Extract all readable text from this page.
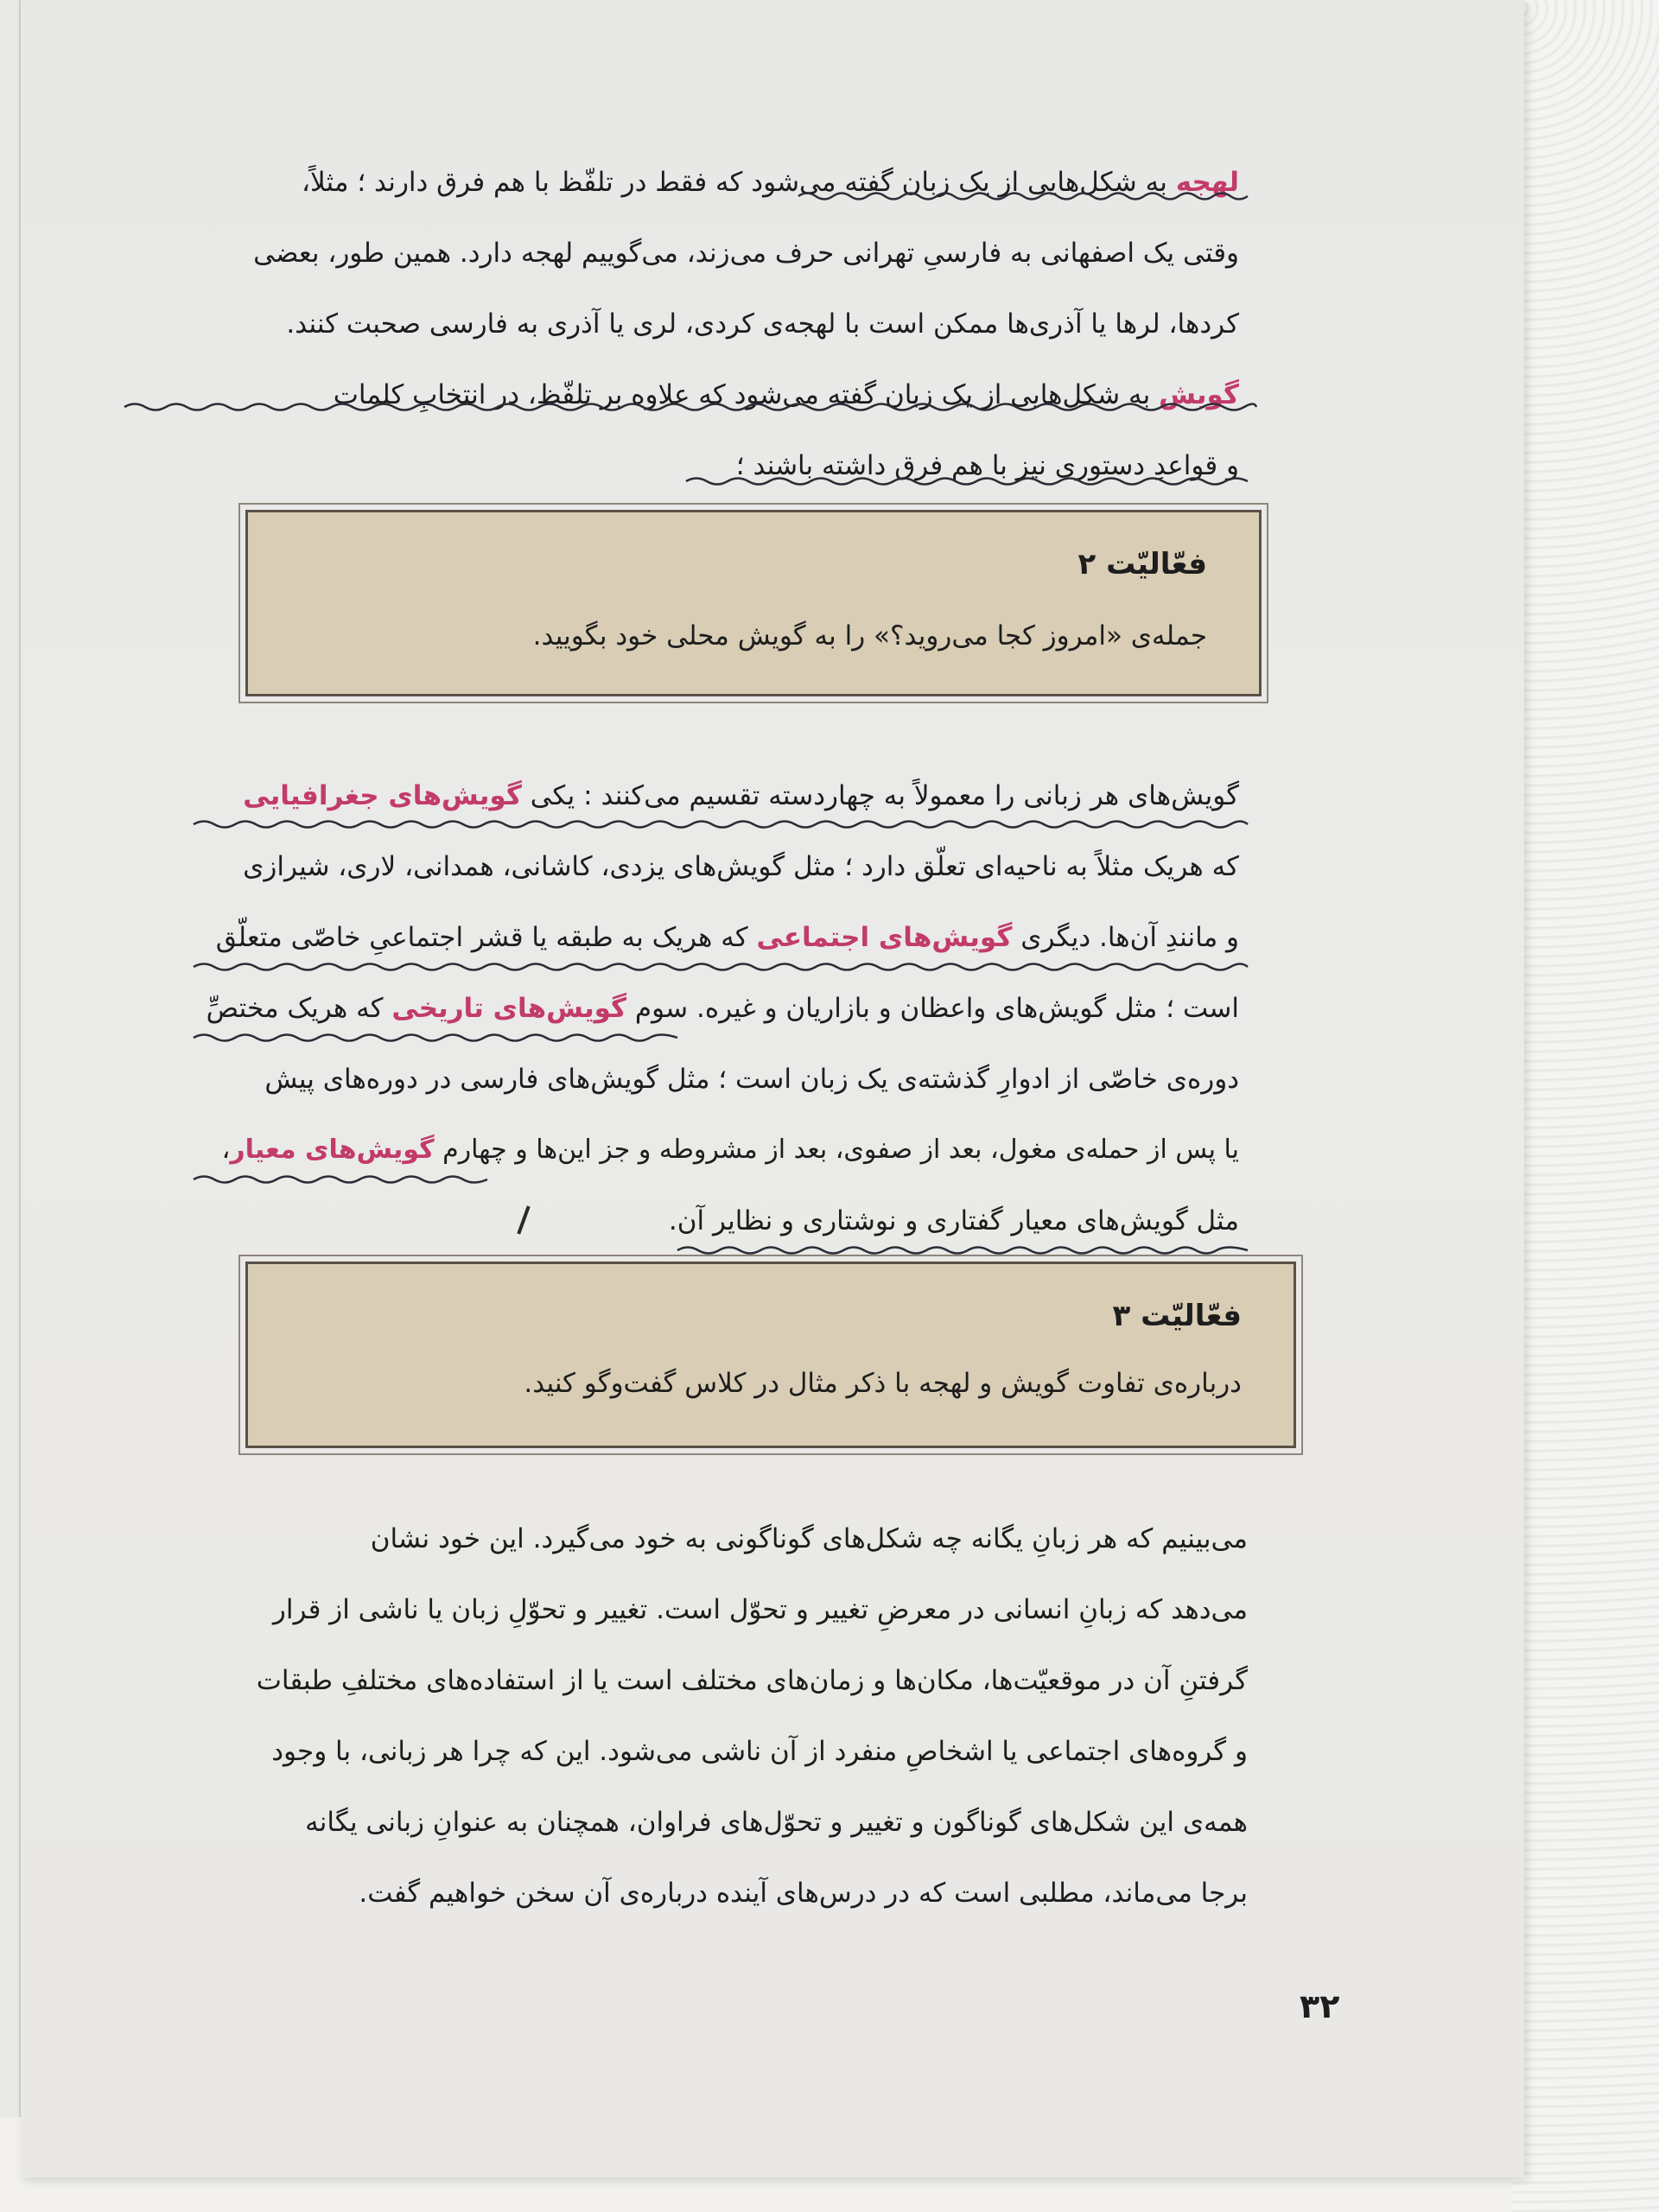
لهجه به شکل‌هایی از یک زبان گفته می‌شود که فقط در تلفّظ با هم فرق دارند ؛ مثلاً،
وقتی یک اصفهانی به فارسیِ تهرانی حرف می‌زند، می‌گوییم لهجه دارد. همین طور، بعضی
کردها، لرها یا آذری‌ها ممکن است با لهجه‌ی کردی، لری یا آذری به فارسی صحبت کنند.
گویش به شکل‌هایی از یک زبان گفته می‌شود که علاوه بر تلفّظ، در انتخابِ کلمات
و قواعدِ دستوری نیز با هم فرق داشته باشند ؛
فعّالیّت ۲
جمله‌ی «امروز کجا می‌روید؟» را به گویش محلی خود بگویید.
گویش‌های هر زبانی را معمولاً به چهاردسته تقسیم می‌کنند : یکی گویش‌های جغرافیایی
که هریک مثلاً به ناحیه‌ای تعلّق دارد ؛ مثل گویش‌های یزدی، کاشانی، همدانی، لاری، شیرازی
و مانندِ آن‌ها. دیگری گویش‌های اجتماعی که هریک به طبقه یا قشر اجتماعیِ خاصّی متعلّق
است ؛ مثل گویش‌های واعظان و بازاریان و غیره. سوم گویش‌های تاریخی که هریک مختصِّ
دوره‌ی خاصّی از ادوارِ گذشته‌ی یک زبان است ؛ مثل گویش‌های فارسی در دوره‌های پیش
یا پس از حمله‌ی مغول، بعد از صفوی، بعد از مشروطه و جز این‌ها و چهارم گویش‌های معیار،
مثل گویش‌های معیار گفتاری و نوشتاری و نظایر آن.
فعّالیّت ۳
درباره‌ی تفاوت گویش و لهجه با ذکر مثال در کلاس گفت‌وگو کنید.
می‌بینیم که هر زبانِ یگانه چه شکل‌های گوناگونی به خود می‌گیرد. این خود نشان
می‌دهد که زبانِ انسانی در معرضِ تغییر و تحوّل است. تغییر و تحوّلِ زبان یا ناشی از قرار
گرفتنِ آن در موقعیّت‌ها، مکان‌ها و زمان‌های مختلف است یا از استفاده‌های مختلفِ طبقات
و گروه‌های اجتماعی یا اشخاصِ منفرد از آن ناشی می‌شود. این که چرا هر زبانی، با وجود
همه‌ی این شکل‌های گوناگون و تغییر و تحوّل‌های فراوان، همچنان به عنوانِ زبانی یگانه
برجا می‌ماند، مطلبی است که در درس‌های آینده درباره‌ی آن سخن خواهیم گفت.
۳۲
